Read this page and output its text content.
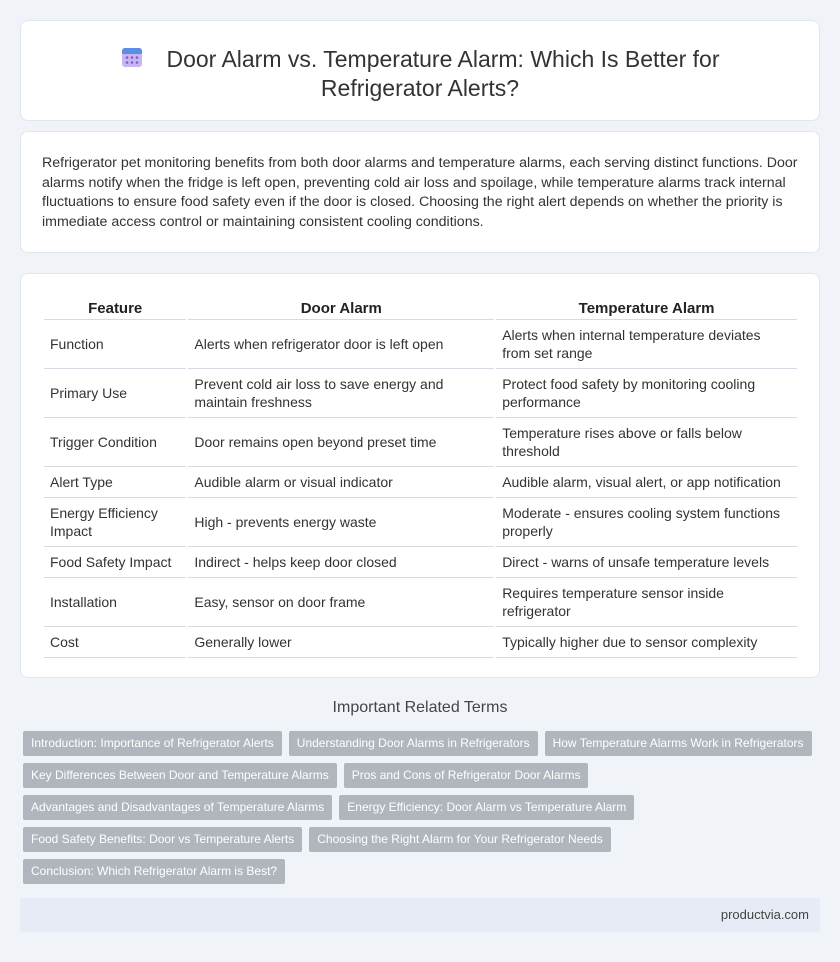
Door Alarm vs. Temperature Alarm: Which Is Better for
Refrigerator Alerts?

Refrigerator pet monitoring benefits from both door alarms and temperature alarms, each serving distinct functions. Door alarms notify when the fridge is left open, preventing cold air loss and spoilage, while temperature alarms track internal fluctuations to ensure food safety even if the door is closed. Choosing the right alert depends on whether the priority is immediate access control or maintaining consistent cooling conditions.

Feature	Door Alarm	Temperature Alarm
Function	Alerts when refrigerator door is left open	Alerts when internal temperature deviates from set range
Primary Use	Prevent cold air loss to save energy and maintain freshness	Protect food safety by monitoring cooling performance
Trigger Condition	Door remains open beyond preset time	Temperature rises above or falls below threshold
Alert Type	Audible alarm or visual indicator	Audible alarm, visual alert, or app notification
Energy Efficiency Impact	High - prevents energy waste	Moderate - ensures cooling system functions properly
Food Safety Impact	Indirect - helps keep door closed	Direct - warns of unsafe temperature levels
Installation	Easy, sensor on door frame	Requires temperature sensor inside refrigerator
Cost	Generally lower	Typically higher due to sensor complexity
Important Related Terms
Introduction: Importance of Refrigerator Alerts	Understanding Door Alarms in Refrigerators	How Temperature Alarms Work in Refrigerators
Key Differences Between Door and Temperature Alarms	Pros and Cons of Refrigerator Door Alarms
Advantages and Disadvantages of Temperature Alarms	Energy Efficiency: Door Alarm vs Temperature Alarm
Food Safety Benefits: Door vs Temperature Alerts	Choosing the Right Alarm for Your Refrigerator Needs
Conclusion: Which Refrigerator Alarm is Best?
productvia.com
